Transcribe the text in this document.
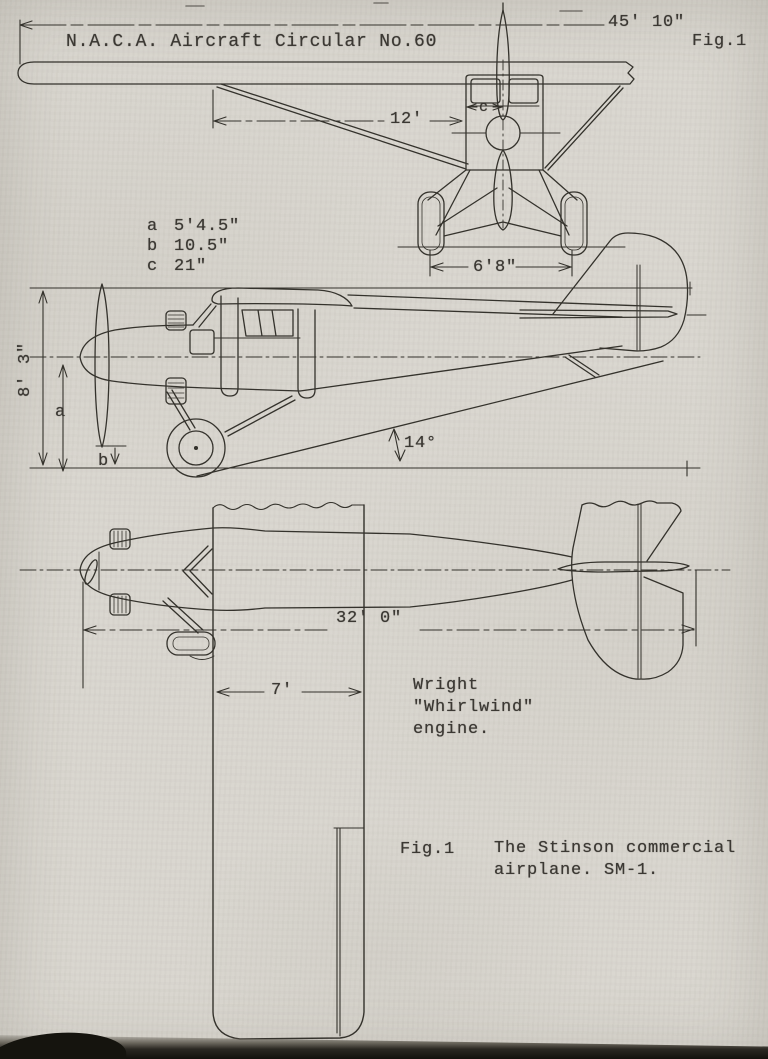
N.A.C.A. Aircraft Circular No.60	Fig.1
45' 10"
12'
c
6'8"
a 5'4.5"
b 10.5"
c 21"
8' 3"
a
b
14°
32' 0"
7'	Wright
"Whirlwind"
engine.
Fig.1 The Stinson commercial
airplane. SM-1.
